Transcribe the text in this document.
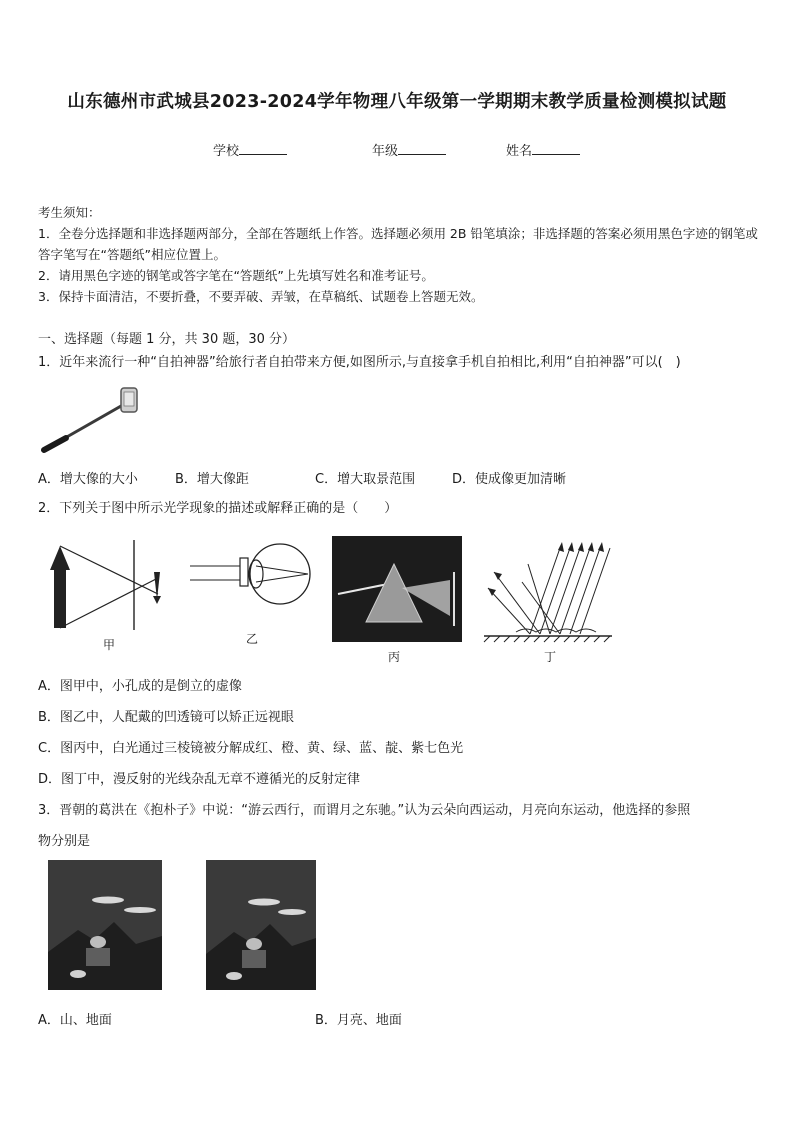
山东德州市武城县2023-2024学年物理八年级第一学期期末教学质量检测模拟试题
学校	年级	姓名
考生须知：
1．全卷分选择题和非选择题两部分，全部在答题纸上作答。选择题必须用 2B 铅笔填涂；非选择题的答案必须用黑色字迹的钢笔或答字笔写在“答题纸”相应位置上。
2．请用黑色字迹的钢笔或答字笔在“答题纸”上先填写姓名和准考证号。
3．保持卡面清洁，不要折叠，不要弄破、弄皱，在草稿纸、试题卷上答题无效。
一、选择题（每题 1 分，共 30 题，30 分）
1．近年来流行一种“自拍神器”给旅行者自拍带来方便,如图所示,与直接拿手机自拍相比,利用“自拍神器”可以(　)
A．增大像的大小	B．增大像距	C．增大取景范围	D．使成像更加清晰
2．下列关于图中所示光学现象的描述或解释正确的是（　　）
甲	乙
丙	丁
A．图甲中，小孔成的是倒立的虚像
B．图乙中，人配戴的凹透镜可以矫正远视眼
C．图丙中，白光通过三棱镜被分解成红、橙、黄、绿、蓝、靛、紫七色光
D．图丁中，漫反射的光线杂乱无章不遵循光的反射定律
3．晋朝的葛洪在《抱朴子》中说：“游云西行，而谓月之东驰。”认为云朵向西运动，月亮向东运动，他选择的参照
物分别是
A．山、地面	B．月亮、地面
